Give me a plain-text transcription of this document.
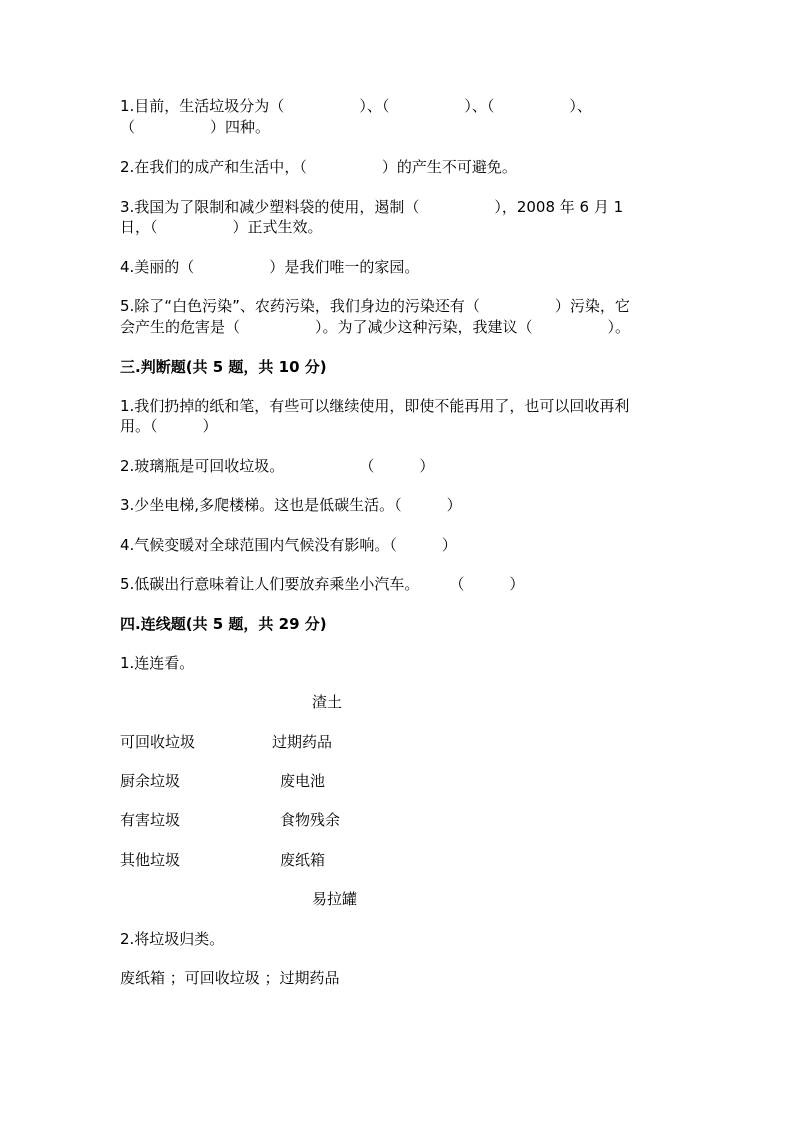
1.目前，生活垃圾分为（　　　　　）、（　　　　　）、（　　　　　）、
（　　　　　）四种。
2.在我们的成产和生活中，（　　　　　）的产生不可避免。
3.我国为了限制和减少塑料袋的使用，遏制（　　　　　），2008 年 6 月 1
日，（　　　　　）正式生效。
4.美丽的（　　　　　）是我们唯一的家园。
5.除了“白色污染”、农药污染，我们身边的污染还有（　　　　　）污染，它
会产生的危害是（　　　　　）。为了减少这种污染，我建议（　　　　　）。
三.判断题(共 5 题，共 10 分)
1.我们扔掉的纸和笔，有些可以继续使用，即使不能再用了，也可以回收再利
用。（　　　）
2.玻璃瓶是可回收垃圾。　　　　　　（　　　）
3.少坐电梯,多爬楼梯。这也是低碳生活。（　　　）
4.气候变暖对全球范围内气候没有影响。（　　　）
5.低碳出行意味着让人们要放弃乘坐小汽车。　　　（　　　）
四.连线题(共 5 题，共 29 分)
1.连连看。
渣土
可回收垃圾	过期药品
厨余垃圾	废电池
有害垃圾	食物残余
其他垃圾	废纸箱
易拉罐
2.将垃圾归类。
废纸箱 ；可回收垃圾 ；过期药品
